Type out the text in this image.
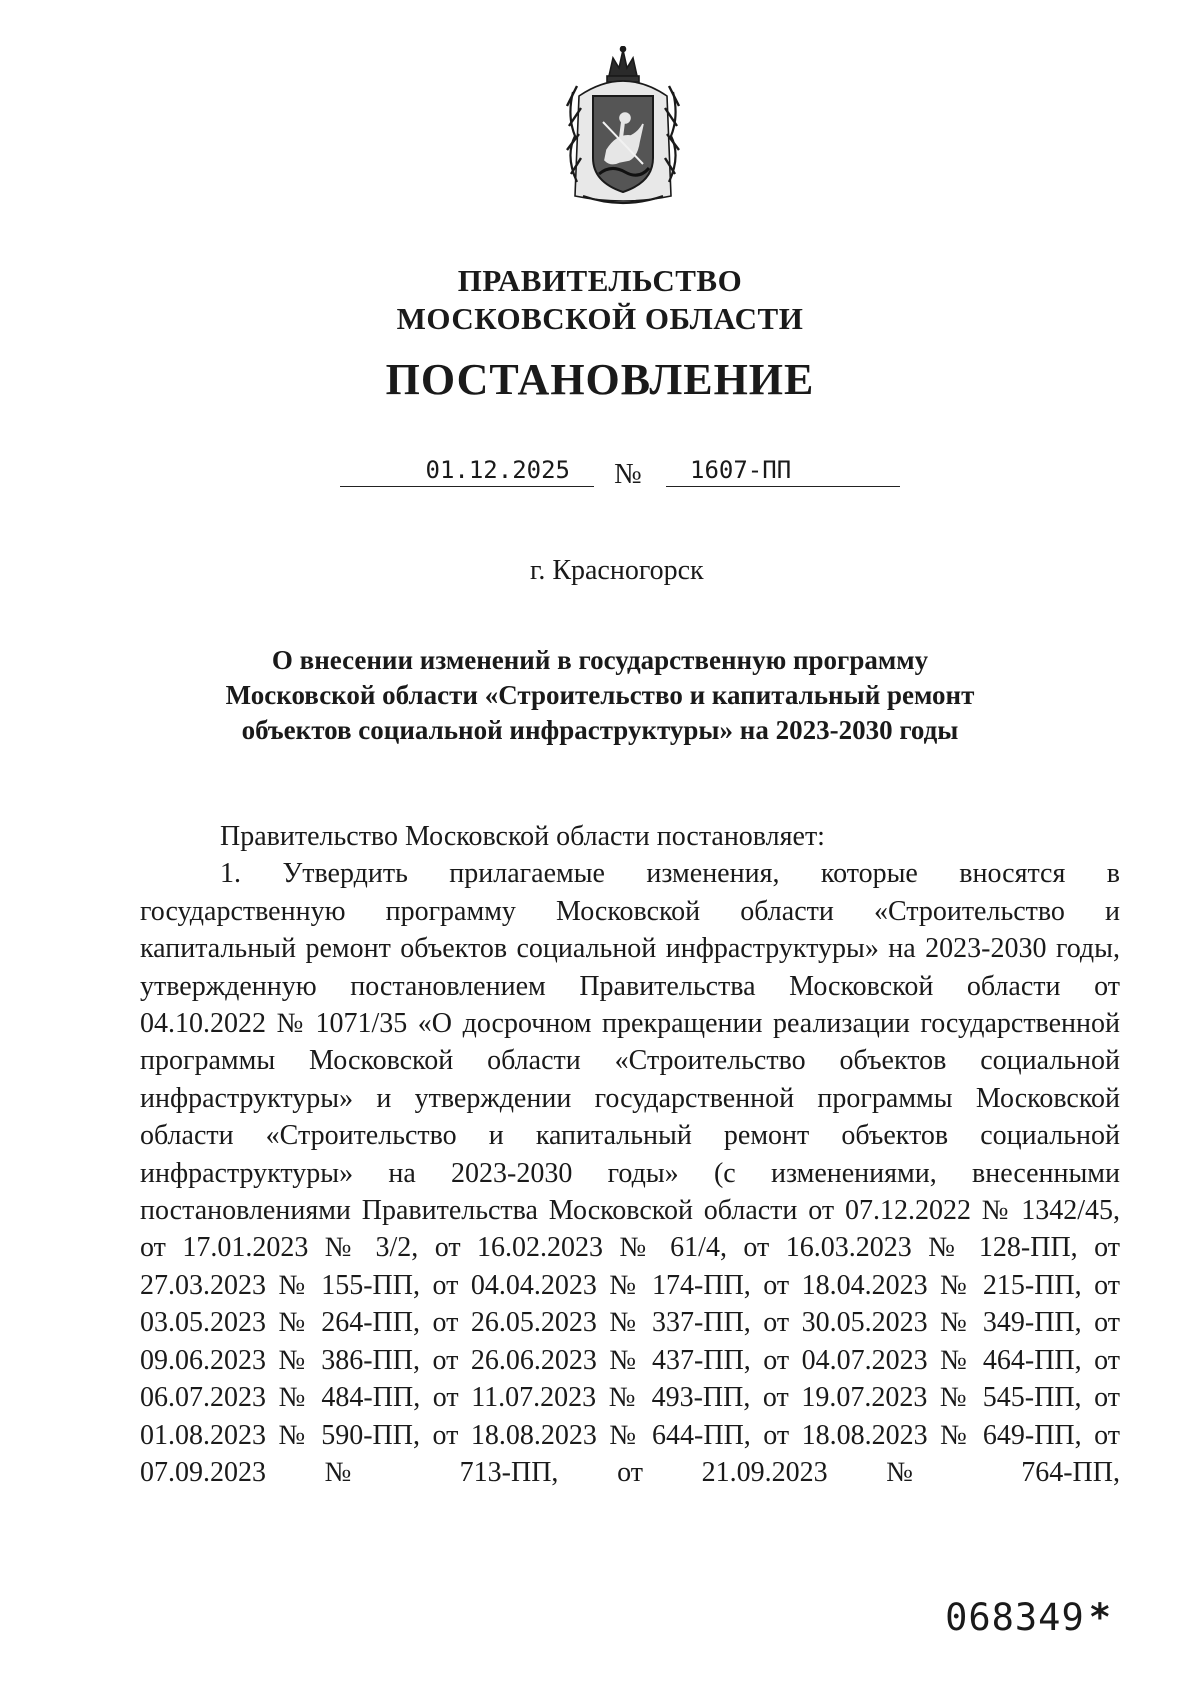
ПРАВИТЕЛЬСТВО
МОСКОВСКОЙ ОБЛАСТИ
ПОСТАНОВЛЕНИЕ
01.12.2025	№	1607-ПП
г. Красногорск
О внесении изменений в государственную программу
Московской области «Строительство и капитальный ремонт
объектов социальной инфраструктуры» на 2023-2030 годы

Правительство Московской области постановляет:

1. Утвердить прилагаемые изменения, которые вносятся в государственную программу Московской области «Строительство и капитальный ремонт объектов социальной инфраструктуры» на 2023-2030 годы, утвержденную постановлением Правительства Московской области от 04.10.2022 № 1071/35 «О досрочном прекращении реализации государственной программы Московской области «Строительство объектов социальной инфраструктуры» и утверждении государственной программы Московской области «Строительство и капитальный ремонт объектов социальной инфраструктуры» на 2023-2030 годы» (с изменениями, внесенными постановлениями Правительства Московской области от 07.12.2022 № 1342/45, от 17.01.2023 № 3/2, от 16.02.2023 № 61/4, от 16.03.2023 № 128-ПП, от 27.03.2023 № 155-ПП, от 04.04.2023 № 174-ПП, от 18.04.2023 № 215-ПП, от 03.05.2023 № 264-ПП, от 26.05.2023 № 337-ПП, от 30.05.2023 № 349-ПП, от 09.06.2023 № 386-ПП, от 26.06.2023 № 437-ПП, от 04.07.2023 № 464-ПП, от 06.07.2023 № 484-ПП, от 11.07.2023 № 493-ПП, от 19.07.2023 № 545-ПП, от 01.08.2023 № 590-ПП, от 18.08.2023 № 644-ПП, от 18.08.2023 № 649-ПП, от 07.09.2023 № 713-ПП, от 21.09.2023 № 764-ПП,

068349 *
